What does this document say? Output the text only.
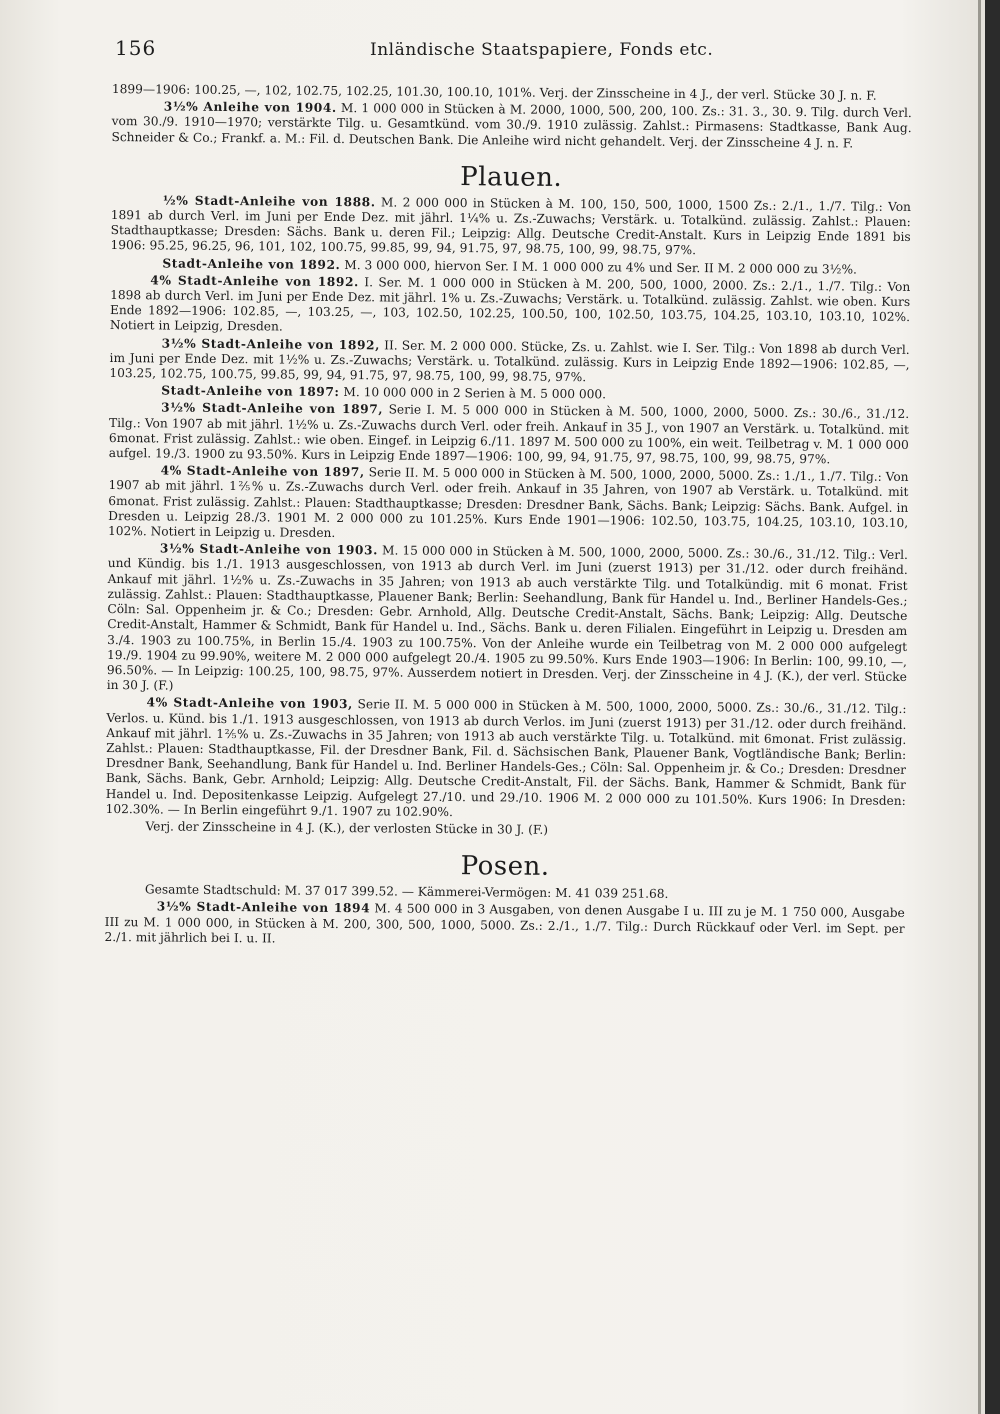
156	Inländische Staatspapiere, Fonds etc.

1899—1906: 100.25, —, 102, 102.75, 102.25, 101.30, 100.10, 101%. Verj. der Zinsscheine in 4 J., der verl. Stücke 30 J. n. F.

3½% Anleihe von 1904. M. 1 000 000 in Stücken à M. 2000, 1000, 500, 200, 100. Zs.: 31. 3., 30. 9. Tilg. durch Verl. vom 30./9. 1910—1970; verstärkte Tilg. u. Gesamtkünd. vom 30./9. 1910 zulässig. Zahlst.: Pirmasens: Stadtkasse, Bank Aug. Schneider & Co.; Frankf. a. M.: Fil. d. Deutschen Bank. Die Anleihe wird nicht gehandelt. Verj. der Zinsscheine 4 J. n. F.

Plauen.

½% Stadt-Anleihe von 1888. M. 2 000 000 in Stücken à M. 100, 150, 500, 1000, 1500 Zs.: 2./1., 1./7. Tilg.: Von 1891 ab durch Verl. im Juni per Ende Dez. mit jährl. 1¼% u. Zs.-Zuwachs; Verstärk. u. Totalkünd. zulässig. Zahlst.: Plauen: Stadthauptkasse; Dresden: Sächs. Bank u. deren Fil.; Leipzig: Allg. Deutsche Credit-Anstalt. Kurs in Leipzig Ende 1891 bis 1906: 95.25, 96.25, 96, 101, 102, 100.75, 99.85, 99, 94, 91.75, 97, 98.75, 100, 99, 98.75, 97%.

Stadt-Anleihe von 1892. M. 3 000 000, hiervon Ser. I M. 1 000 000 zu 4% und Ser. II M. 2 000 000 zu 3½%.

4% Stadt-Anleihe von 1892. I. Ser. M. 1 000 000 in Stücken à M. 200, 500, 1000, 2000. Zs.: 2./1., 1./7. Tilg.: Von 1898 ab durch Verl. im Juni per Ende Dez. mit jährl. 1% u. Zs.-Zuwachs; Verstärk. u. Totalkünd. zulässig. Zahlst. wie oben. Kurs Ende 1892—1906: 102.85, —, 103.25, —, 103, 102.50, 102.25, 100.50, 100, 102.50, 103.75, 104.25, 103.10, 103.10, 102%. Notiert in Leipzig, Dresden.

3½% Stadt-Anleihe von 1892, II. Ser. M. 2 000 000. Stücke, Zs. u. Zahlst. wie I. Ser. Tilg.: Von 1898 ab durch Verl. im Juni per Ende Dez. mit 1½% u. Zs.-Zuwachs; Verstärk. u. Totalkünd. zulässig. Kurs in Leipzig Ende 1892—1906: 102.85, —, 103.25, 102.75, 100.75, 99.85, 99, 94, 91.75, 97, 98.75, 100, 99, 98.75, 97%.

Stadt-Anleihe von 1897: M. 10 000 000 in 2 Serien à M. 5 000 000.

3½% Stadt-Anleihe von 1897, Serie I. M. 5 000 000 in Stücken à M. 500, 1000, 2000, 5000. Zs.: 30./6., 31./12. Tilg.: Von 1907 ab mit jährl. 1½% u. Zs.-Zuwachs durch Verl. oder freih. Ankauf in 35 J., von 1907 an Verstärk. u. Totalkünd. mit 6monat. Frist zulässig. Zahlst.: wie oben. Eingef. in Leipzig 6./11. 1897 M. 500 000 zu 100%, ein weit. Teilbetrag v. M. 1 000 000 aufgel. 19./3. 1900 zu 93.50%. Kurs in Leipzig Ende 1897—1906: 100, 99, 94, 91.75, 97, 98.75, 100, 99, 98.75, 97%.

4% Stadt-Anleihe von 1897, Serie II. M. 5 000 000 in Stücken à M. 500, 1000, 2000, 5000. Zs.: 1./1., 1./7. Tilg.: Von 1907 ab mit jährl. 1⅖% u. Zs.-Zuwachs durch Verl. oder freih. Ankauf in 35 Jahren, von 1907 ab Verstärk. u. Totalkünd. mit 6monat. Frist zulässig. Zahlst.: Plauen: Stadthauptkasse; Dresden: Dresdner Bank, Sächs. Bank; Leipzig: Sächs. Bank. Aufgel. in Dresden u. Leipzig 28./3. 1901 M. 2 000 000 zu 101.25%. Kurs Ende 1901—1906: 102.50, 103.75, 104.25, 103.10, 103.10, 102%. Notiert in Leipzig u. Dresden.

3½% Stadt-Anleihe von 1903. M. 15 000 000 in Stücken à M. 500, 1000, 2000, 5000. Zs.: 30./6., 31./12. Tilg.: Verl. und Kündig. bis 1./1. 1913 ausgeschlossen, von 1913 ab durch Verl. im Juni (zuerst 1913) per 31./12. oder durch freihänd. Ankauf mit jährl. 1½% u. Zs.-Zuwachs in 35 Jahren; von 1913 ab auch verstärkte Tilg. und Totalkündig. mit 6 monat. Frist zulässig. Zahlst.: Plauen: Stadthauptkasse, Plauener Bank; Berlin: Seehandlung, Bank für Handel u. Ind., Berliner Handels-Ges.; Cöln: Sal. Oppenheim jr. & Co.; Dresden: Gebr. Arnhold, Allg. Deutsche Credit-Anstalt, Sächs. Bank; Leipzig: Allg. Deutsche Credit-Anstalt, Hammer & Schmidt, Bank für Handel u. Ind., Sächs. Bank u. deren Filialen. Eingeführt in Leipzig u. Dresden am 3./4. 1903 zu 100.75%, in Berlin 15./4. 1903 zu 100.75%. Von der Anleihe wurde ein Teilbetrag von M. 2 000 000 aufgelegt 19./9. 1904 zu 99.90%, weitere M. 2 000 000 aufgelegt 20./4. 1905 zu 99.50%. Kurs Ende 1903—1906: In Berlin: 100, 99.10, —, 96.50%. — In Leipzig: 100.25, 100, 98.75, 97%. Ausserdem notiert in Dresden. Verj. der Zinsscheine in 4 J. (K.), der verl. Stücke in 30 J. (F.)

4% Stadt-Anleihe von 1903, Serie II. M. 5 000 000 in Stücken à M. 500, 1000, 2000, 5000. Zs.: 30./6., 31./12. Tilg.: Verlos. u. Künd. bis 1./1. 1913 ausgeschlossen, von 1913 ab durch Verlos. im Juni (zuerst 1913) per 31./12. oder durch freihänd. Ankauf mit jährl. 1⅖% u. Zs.-Zuwachs in 35 Jahren; von 1913 ab auch verstärkte Tilg. u. Totalkünd. mit 6monat. Frist zulässig. Zahlst.: Plauen: Stadthauptkasse, Fil. der Dresdner Bank, Fil. d. Sächsischen Bank, Plauener Bank, Vogtländische Bank; Berlin: Dresdner Bank, Seehandlung, Bank für Handel u. Ind. Berliner Handels-Ges.; Cöln: Sal. Oppenheim jr. & Co.; Dresden: Dresdner Bank, Sächs. Bank, Gebr. Arnhold; Leipzig: Allg. Deutsche Credit-Anstalt, Fil. der Sächs. Bank, Hammer & Schmidt, Bank für Handel u. Ind. Depositenkasse Leipzig. Aufgelegt 27./10. und 29./10. 1906 M. 2 000 000 zu 101.50%. Kurs 1906: In Dresden: 102.30%. — In Berlin eingeführt 9./1. 1907 zu 102.90%.

Verj. der Zinsscheine in 4 J. (K.), der verlosten Stücke in 30 J. (F.)

Posen.

Gesamte Stadtschuld: M. 37 017 399.52. — Kämmerei-Vermögen: M. 41 039 251.68.

3½% Stadt-Anleihe von 1894 M. 4 500 000 in 3 Ausgaben, von denen Ausgabe I u. III zu je M. 1 750 000, Ausgabe III zu M. 1 000 000, in Stücken à M. 200, 300, 500, 1000, 5000. Zs.: 2./1., 1./7. Tilg.: Durch Rückkauf oder Verl. im Sept. per 2./1. mit jährlich bei I. u. II.
